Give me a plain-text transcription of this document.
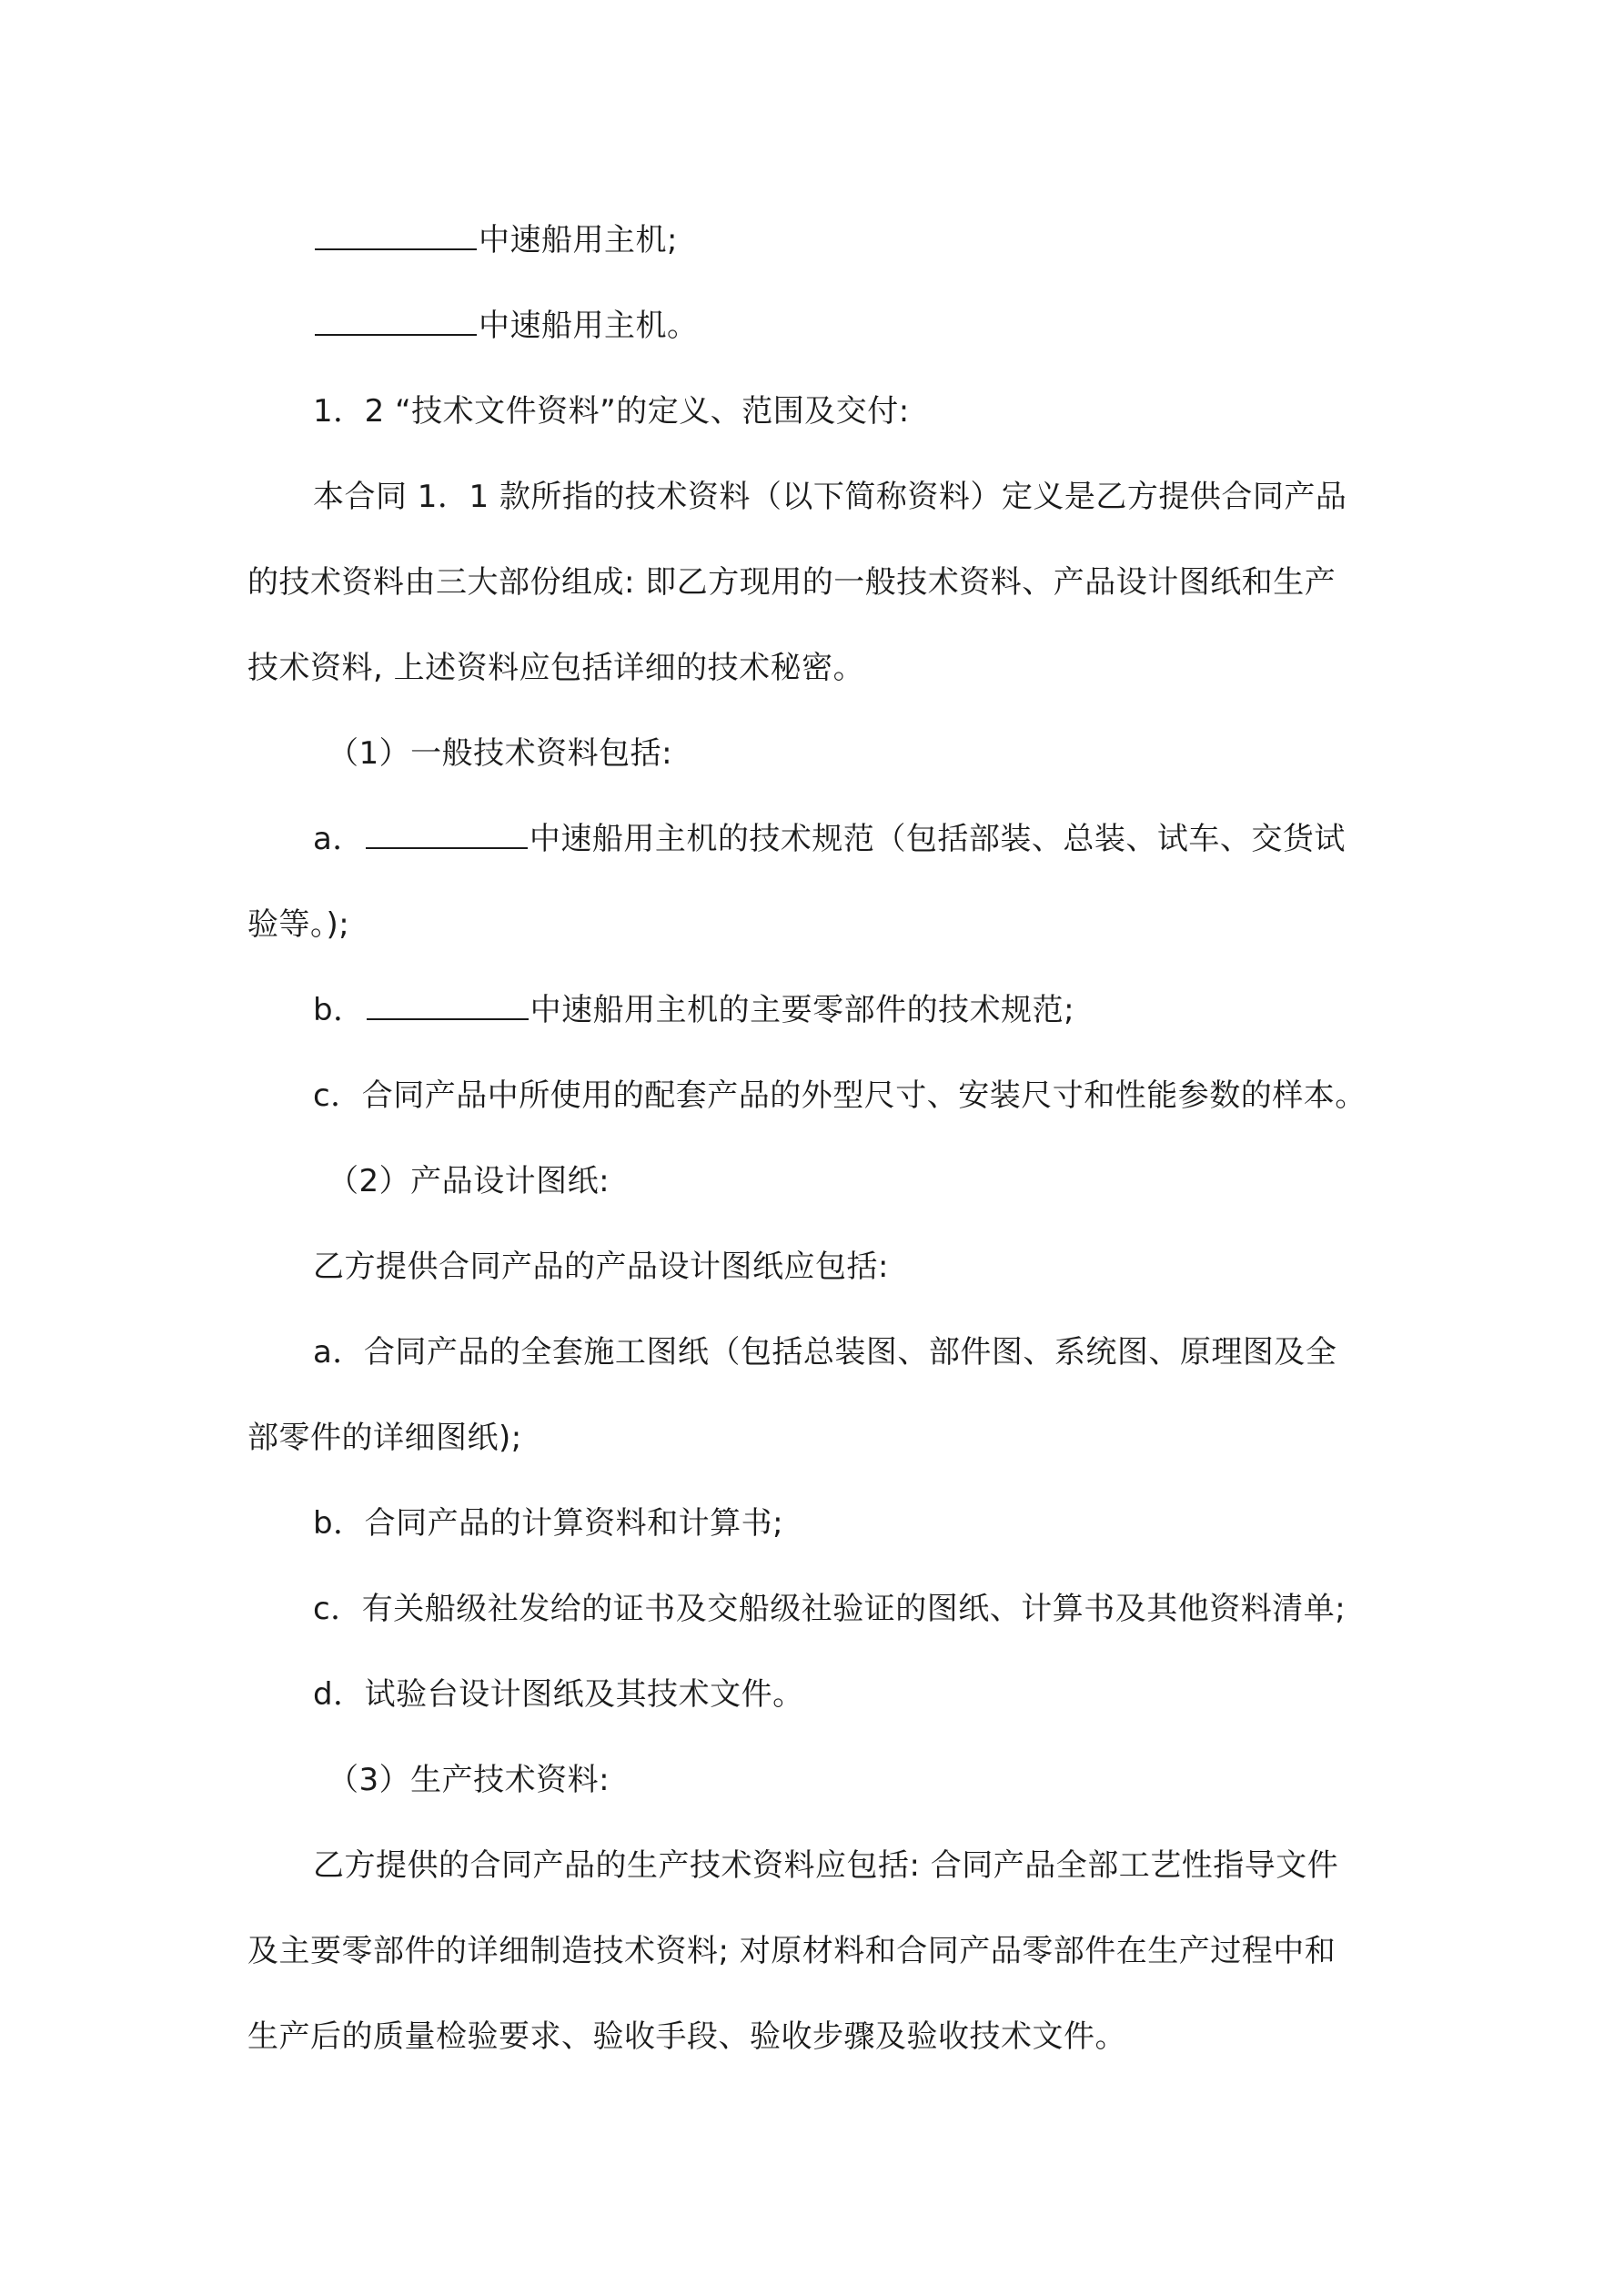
中速船用主机;
中速船用主机。
1．2 “技术文件资料”的定义、范围及交付:
本合同 1．1 款所指的技术资料（以下简称资料）定义是乙方提供合同产品
的技术资料由三大部份组成: 即乙方现用的一般技术资料、产品设计图纸和生产
技术资料, 上述资料应包括详细的技术秘密。
（1）一般技术资料包括:
a．	中速船用主机的技术规范（包括部装、总装、试车、交货试
验等。);
b．	中速船用主机的主要零部件的技术规范;
c．合同产品中所使用的配套产品的外型尺寸、安装尺寸和性能参数的样本。
（2）产品设计图纸:
乙方提供合同产品的产品设计图纸应包括:
a．合同产品的全套施工图纸（包括总装图、部件图、系统图、原理图及全
部零件的详细图纸);
b．合同产品的计算资料和计算书;
c．有关船级社发给的证书及交船级社验证的图纸、计算书及其他资料清单;
d．试验台设计图纸及其技术文件。
（3）生产技术资料:
乙方提供的合同产品的生产技术资料应包括: 合同产品全部工艺性指导文件
及主要零部件的详细制造技术资料; 对原材料和合同产品零部件在生产过程中和
生产后的质量检验要求、验收手段、验收步骤及验收技术文件。
